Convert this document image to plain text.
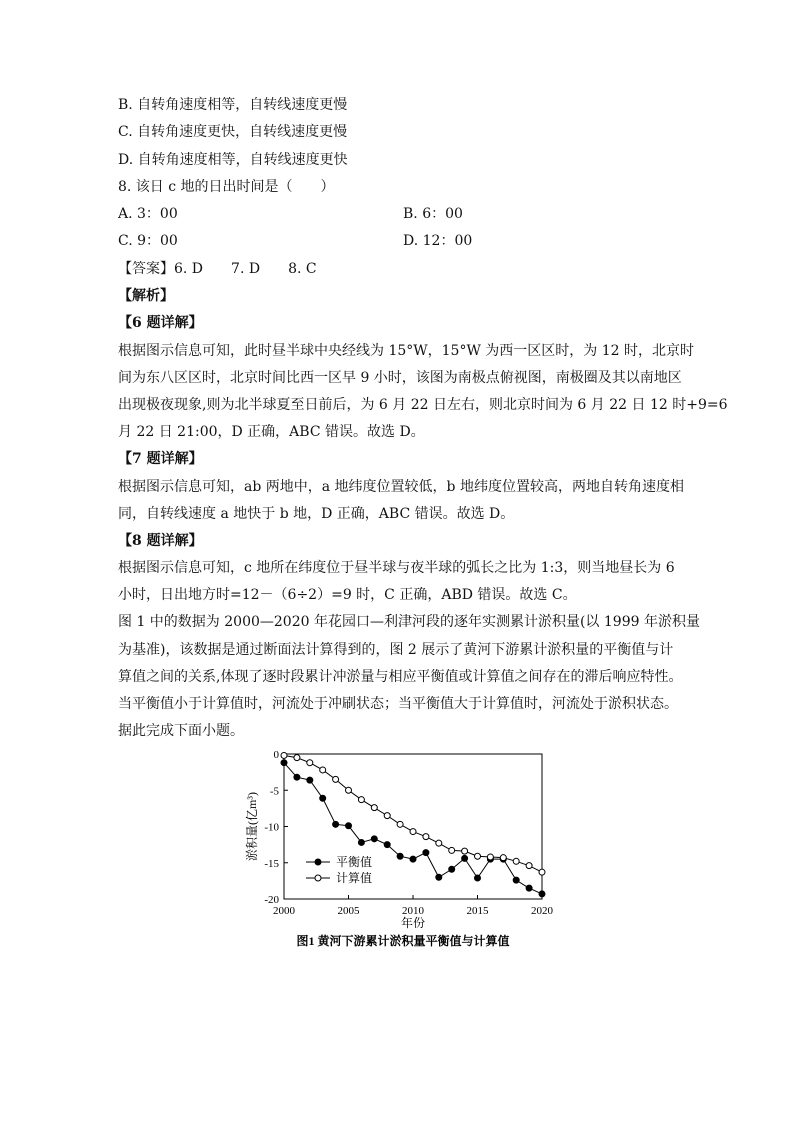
B. 自转角速度相等，自转线速度更慢
C. 自转角速度更快，自转线速度更慢
D. 自转角速度相等，自转线速度更快
8. 该日 c 地的日出时间是（　　）
A. 3：00	B. 6：00
C. 9：00	D. 12：00
【答案】6. D　　7. D　　8. C
【解析】
【6 题详解】
根据图示信息可知，此时昼半球中央经线为 15°W，15°W 为西一区区时，为 12 时，北京时
间为东八区区时，北京时间比西一区早 9 小时，该图为南极点俯视图，南极圈及其以南地区
出现极夜现象,则为北半球夏至日前后，为 6 月 22 日左右，则北京时间为 6 月 22 日 12 时+9=6
月 22 日 21:00，D 正确，ABC 错误。故选 D。
【7 题详解】
根据图示信息可知，ab 两地中，a 地纬度位置较低，b 地纬度位置较高，两地自转角速度相
同，自转线速度 a 地快于 b 地，D 正确，ABC 错误。故选 D。
【8 题详解】
根据图示信息可知，c 地所在纬度位于昼半球与夜半球的弧长之比为 1:3，则当地昼长为 6
小时，日出地方时=12－（6÷2）=9 时，C 正确，ABD 错误。故选 C。
图 1 中的数据为 2000—2020 年花园口—利津河段的逐年实测累计淤积量(以 1999 年淤积量
为基准)，该数据是通过断面法计算得到的，图 2 展示了黄河下游累计淤积量的平衡值与计
算值之间的关系,体现了逐时段累计冲淤量与相应平衡值或计算值之间存在的滞后响应特性。
当平衡值小于计算值时，河流处于冲刷状态；当平衡值大于计算值时，河流处于淤积状态。
据此完成下面小题。
2000	2005	2010	2015	2020
0
-5
-10
-15
-20
年份
淤积量(亿m³)
平衡值
计算值
图1 黄河下游累计淤积量平衡值与计算值
